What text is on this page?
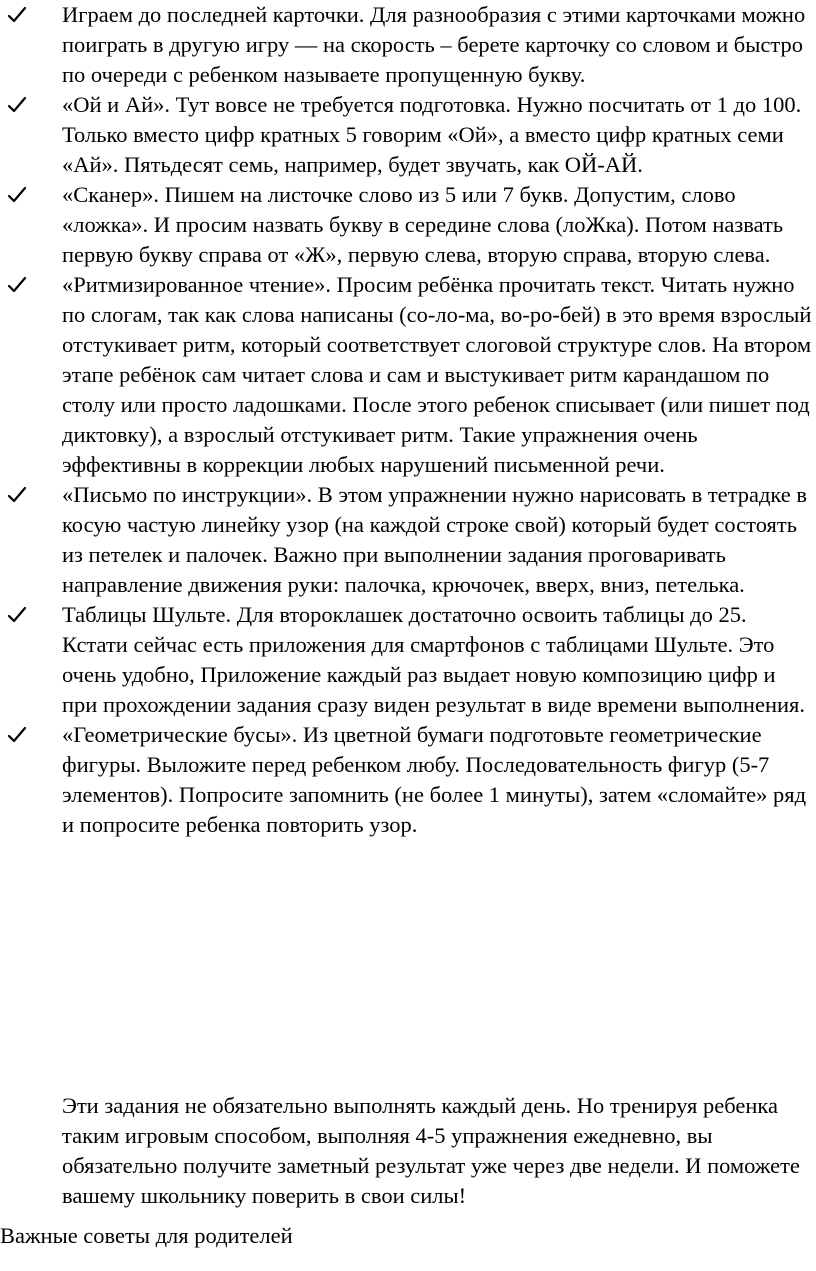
Играем до последней карточки. Для разнообразия с этими карточками можно поиграть в другую игру — на скорость – берете карточку со словом и быстро по очереди с ребенком называете пропущенную букву.
«Ой и Ай». Тут вовсе не требуется подготовка. Нужно посчитать от 1 до 100. Только вместо цифр кратных 5 говорим «Ой», а вместо цифр кратных семи «Ай». Пятьдесят семь, например, будет звучать, как ОЙ-АЙ.
«Сканер». Пишем на листочке слово из 5 или 7 букв. Допустим, слово «ложка». И просим назвать букву в середине слова (лоЖка). Потом назвать первую букву справа от «Ж», первую слева, вторую справа, вторую слева.
«Ритмизированное чтение». Просим ребёнка прочитать текст. Читать нужно по слогам, так как слова написаны (со-ло-ма, во-ро-бей) в это время взрослый отстукивает ритм, который соответствует слоговой структуре слов. На втором этапе ребёнок сам читает слова и сам и выстукивает ритм карандашом по столу или просто ладошками. После этого ребенок списывает (или пишет под диктовку), а взрослый отстукивает ритм. Такие упражнения очень эффективны в коррекции любых нарушений письменной речи.
«Письмо по инструкции». В этом упражнении нужно нарисовать в тетрадке в косую частую линейку узор (на каждой строке свой) который будет состоять из петелек и палочек. Важно при выполнении задания проговаривать направление движения руки: палочка, крючочек, вверх, вниз, петелька.
Таблицы Шульте. Для второклашек достаточно освоить таблицы до 25. Кстати сейчас есть приложения для смартфонов с таблицами Шульте. Это очень удобно, Приложение каждый раз выдает новую композицию цифр и при прохождении задания сразу виден результат в виде времени выполнения.
«Геометрические бусы». Из цветной бумаги подготовьте геометрические фигуры. Выложите перед ребенком любу. Последовательность фигур (5-7 элементов). Попросите запомнить (не более 1 минуты), затем «сломайте» ряд и попросите ребенка повторить узор.

Эти задания не обязательно выполнять каждый день. Но тренируя ребенка таким игровым способом, выполняя 4-5 упражнения ежедневно, вы обязательно получите заметный результат уже через две недели. И поможете вашему школьнику поверить в свои силы!

Важные советы для родителей
